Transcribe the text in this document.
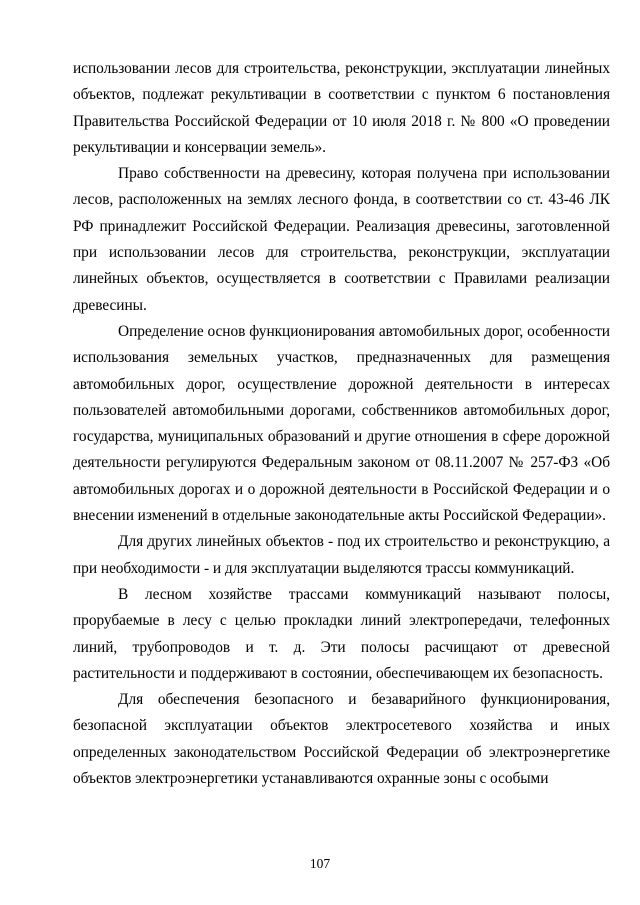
использовании лесов для строительства, реконструкции, эксплуатации линейных объектов, подлежат рекультивации в соответствии с пунктом 6 постановления Правительства Российской Федерации от 10 июля 2018 г. № 800 «О проведении рекультивации и консервации земель».

Право собственности на древесину, которая получена при использовании лесов, расположенных на землях лесного фонда, в соответствии со ст. 43-46 ЛК РФ принадлежит Российской Федерации. Реализация древесины, заготовленной при использовании лесов для строительства, реконструкции, эксплуатации линейных объектов, осуществляется в соответствии с Правилами реализации древесины.

Определение основ функционирования автомобильных дорог, особенности использования земельных участков, предназначенных для размещения автомобильных дорог, осуществление дорожной деятельности в интересах пользователей автомобильными дорогами, собственников автомобильных дорог, государства, муниципальных образований и другие отношения в сфере дорожной деятельности регулируются Федеральным законом от 08.11.2007 № 257-ФЗ «Об автомобильных дорогах и о дорожной деятельности в Российской Федерации и о внесении изменений в отдельные законодательные акты Российской Федерации».

Для других линейных объектов - под их строительство и реконструкцию, а при необходимости - и для эксплуатации выделяются трассы коммуникаций.

В лесном хозяйстве трассами коммуникаций называют полосы, прорубаемые в лесу с целью прокладки линий электропередачи, телефонных линий, трубопроводов и т. д. Эти полосы расчищают от древесной растительности и поддерживают в состоянии, обеспечивающем их безопасность.

Для обеспечения безопасного и безаварийного функционирования, безопасной эксплуатации объектов электросетевого хозяйства и иных определенных законодательством Российской Федерации об электроэнергетике объектов электроэнергетики устанавливаются охранные зоны с особыми

107
